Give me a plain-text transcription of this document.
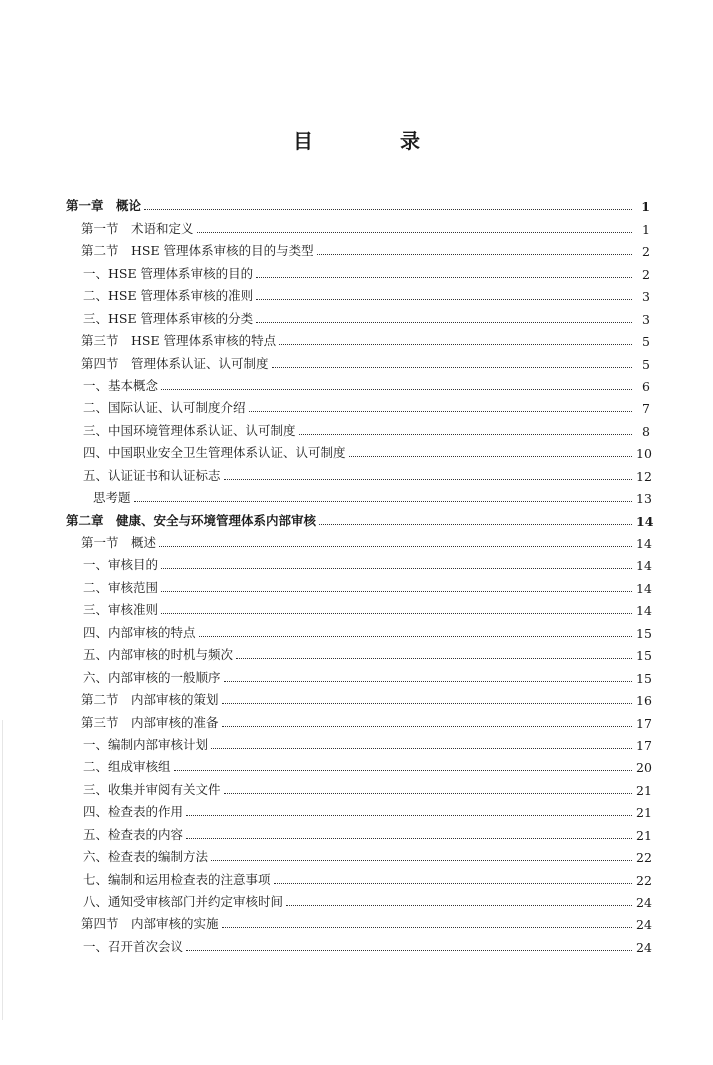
目 录
第一章　概论	1
第一节　术语和定义	1
第二节　HSE 管理体系审核的目的与类型	2
一、HSE 管理体系审核的目的	2
二、HSE 管理体系审核的准则	3
三、HSE 管理体系审核的分类	3
第三节　HSE 管理体系审核的特点	5
第四节　管理体系认证、认可制度	5
一、基本概念	6
二、国际认证、认可制度介绍	7
三、中国环境管理体系认证、认可制度	8
四、中国职业安全卫生管理体系认证、认可制度	10
五、认证证书和认证标志	12
思考题	13
第二章　健康、安全与环境管理体系内部审核	14
第一节　概述	14
一、审核目的	14
二、审核范围	14
三、审核准则	14
四、内部审核的特点	15
五、内部审核的时机与频次	15
六、内部审核的一般顺序	15
第二节　内部审核的策划	16
第三节　内部审核的准备	17
一、编制内部审核计划	17
二、组成审核组	20
三、收集并审阅有关文件	21
四、检查表的作用	21
五、检查表的内容	21
六、检查表的编制方法	22
七、编制和运用检查表的注意事项	22
八、通知受审核部门并约定审核时间	24
第四节　内部审核的实施	24
一、召开首次会议	24
